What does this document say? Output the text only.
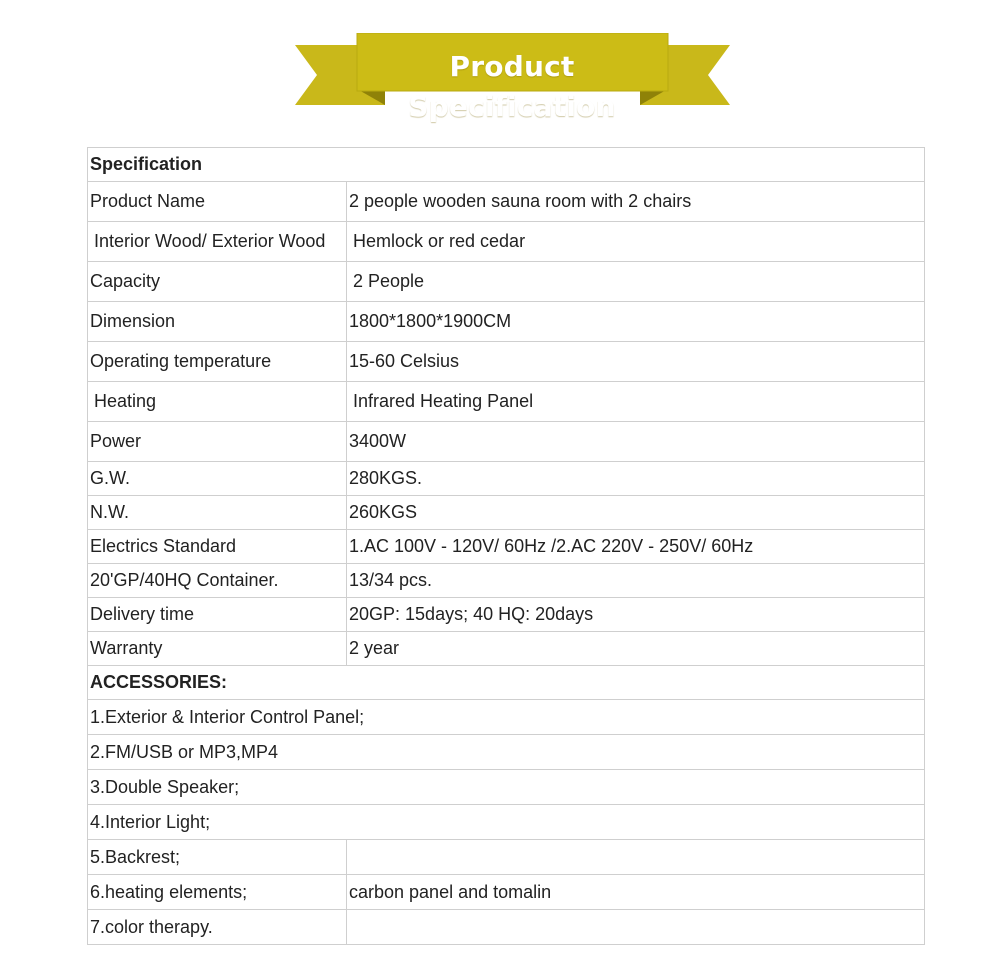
Product Specification
Specification	
Product Name	2 people wooden sauna room with 2 chairs
Interior Wood/ Exterior Wood	Hemlock or red cedar
Capacity	2 People
Dimension	1800*1800*1900CM
Operating temperature	15-60 Celsius
Heating	Infrared Heating Panel
Power	3400W
G.W.	280KGS.
N.W.	260KGS
Electrics Standard	1.AC 100V - 120V/ 60Hz /2.AC 220V - 250V/ 60Hz
20'GP/40HQ Container.	13/34 pcs.
Delivery time	20GP: 15days; 40 HQ: 20days
Warranty	2 year
ACCESSORIES:	
1.Exterior & Interior Control Panel;	
2.FM/USB or MP3,MP4	
3.Double Speaker;	
4.Interior Light;	
5.Backrest;	
6.heating elements;	carbon panel and tomalin
7.color therapy.	
